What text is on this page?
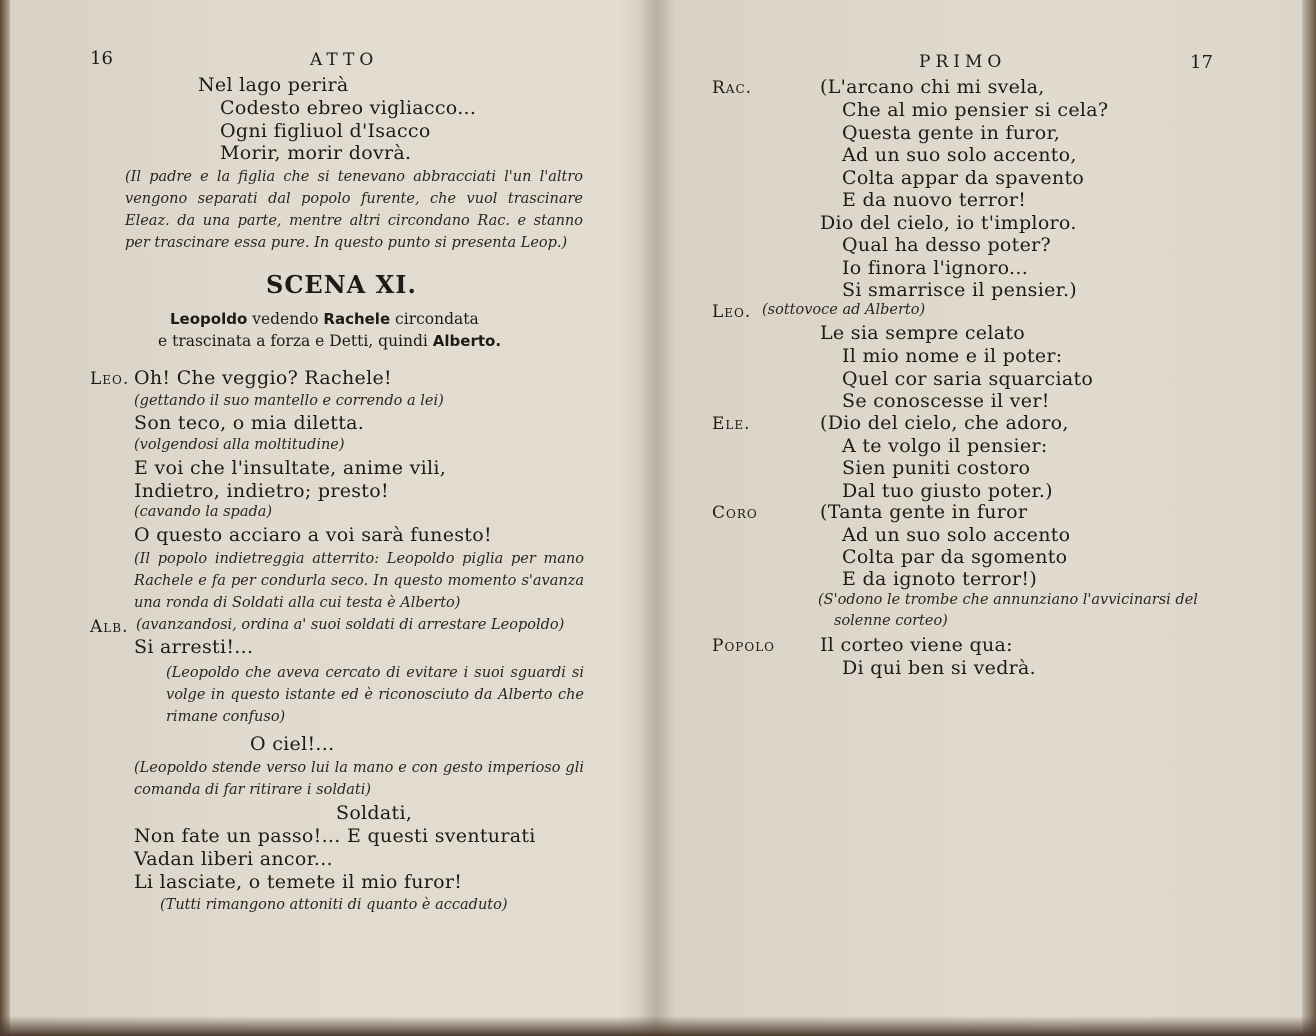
16	ATTO
Nel lago perirà
Codesto ebreo vigliacco...
Ogni figliuol d'Isacco
Morir, morir dovrà.
(Il padre e la figlia che si tenevano abbracciati l'un l'altro vengono separati dal popolo furente, che vuol trascinare Eleaz. da una parte, mentre altri circondano Rac. e stanno per trascinare essa pure. In questo punto si presenta Leop.)
SCENA XI.
Leopoldo vedendo Rachele circondata
e trascinata a forza e Detti, quindi Alberto.
Leo. Oh! Che veggio? Rachele!
(gettando il suo mantello e correndo a lei)
Son teco, o mia diletta.
(volgendosi alla moltitudine)
E voi che l'insultate, anime vili,
Indietro, indietro; presto!
(cavando la spada)
O questo acciaro a voi sarà funesto!
(Il popolo indietreggia atterrito: Leopoldo piglia per mano Rachele e fa per condurla seco. In questo momento s'avanza una ronda di Soldati alla cui testa è Alberto)
Alb. (avanzandosi, ordina a' suoi soldati di arrestare Leopoldo)
Si arresti!...
(Leopoldo che aveva cercato di evitare i suoi sguardi si volge in questo istante ed è riconosciuto da Alberto che rimane confuso)
O ciel!...
(Leopoldo stende verso lui la mano e con gesto imperioso gli comanda di far ritirare i soldati)
Soldati,
Non fate un passo!... E questi sventurati
Vadan liberi ancor...
Li lasciate, o temete il mio furor!
(Tutti rimangono attoniti di quanto è accaduto)
PRIMO	17
Rac.	(L'arcano chi mi svela,
Che al mio pensier si cela?
Questa gente in furor,
Ad un suo solo accento,
Colta appar da spavento
E da nuovo terror!
Dio del cielo, io t'imploro.
Qual ha desso poter?
Io finora l'ignoro...
Si smarrisce il pensier.)
Leo. (sottovoce ad Alberto)
Le sia sempre celato
Il mio nome e il poter:
Quel cor saria squarciato
Se conoscesse il ver!
Ele.	(Dio del cielo, che adoro,
A te volgo il pensier:
Sien puniti costoro
Dal tuo giusto poter.)
Coro	(Tanta gente in furor
Ad un suo solo accento
Colta par da sgomento
E da ignoto terror!)
(S'odono le trombe che annunziano l'avvicinarsi del
solenne corteo)
Popolo Il corteo viene qua:
Di qui ben si vedrà.
